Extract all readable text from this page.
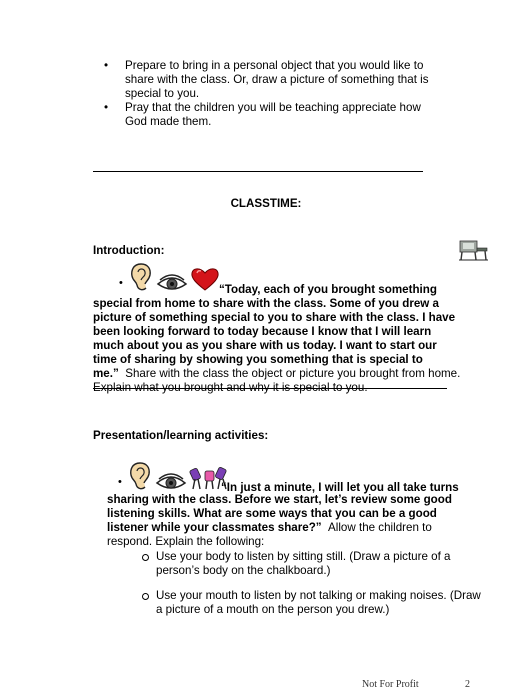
• Prepare to bring in a personal object that you would like to share with the class. Or, draw a picture of something that is special to you.
• Pray that the children you will be teaching appreciate how God made them.
CLASSTIME:
Introduction:
•	“Today, each of you brought something
special from home to share with the class. Some of you drew a picture of something special to you to share with the class. I have been looking forward to today because I know that I will learn much about you as you share with us today. I want to start our time of sharing by showing you something that is special to me.” Share with the class the object or picture you brought from home. Explain what you brought and why it is special to you.
Presentation/learning activities:
•	“In just a minute, I will let you all take turns
sharing with the class. Before we start, let’s review some good listening skills. What are some ways that you can be a good listener while your classmates share?” Allow the children to respond. Explain the following:
Use your body to listen by sitting still. (Draw a picture of a person’s body on the chalkboard.)
Use your mouth to listen by not talking or making noises. (Draw a picture of a mouth on the person you drew.)
Not For Profit	2
